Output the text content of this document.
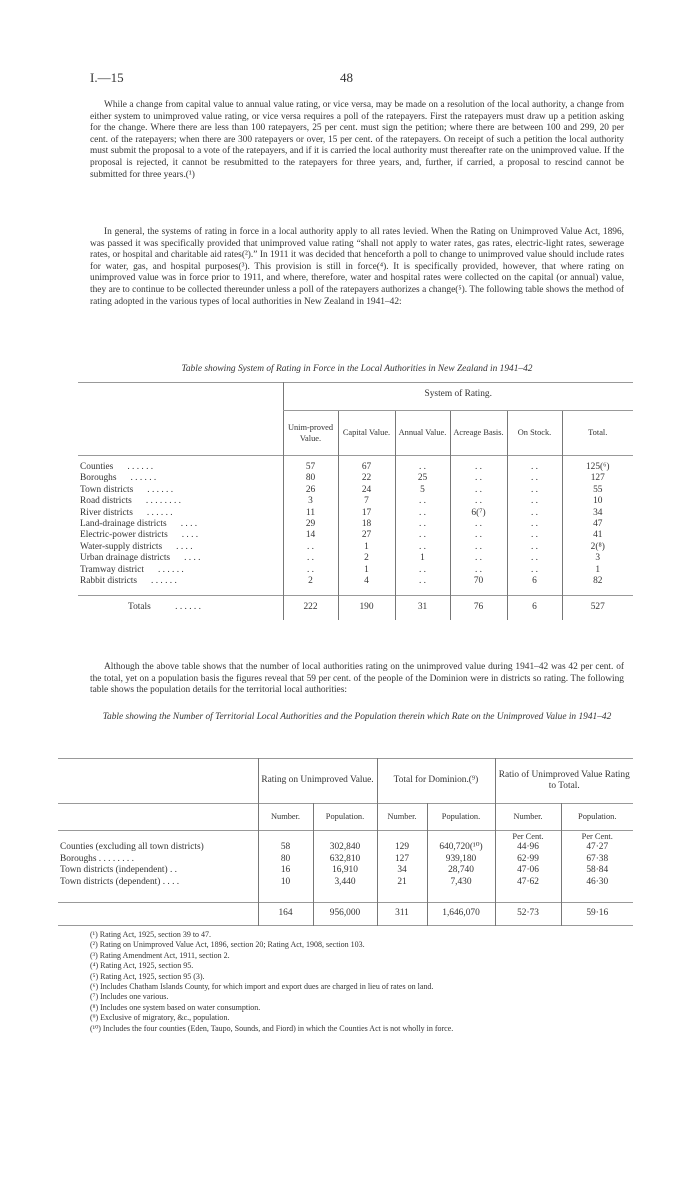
I.—15	48

While a change from capital value to annual value rating, or vice versa, may be made on a resolution of the local authority, a change from either system to unimproved value rating, or vice versa requires a poll of the ratepayers. First the ratepayers must draw up a petition asking for the change. Where there are less than 100 ratepayers, 25 per cent. must sign the petition; where there are between 100 and 299, 20 per cent. of the ratepayers; when there are 300 ratepayers or over, 15 per cent. of the ratepayers. On receipt of such a petition the local authority must submit the proposal to a vote of the ratepayers, and if it is carried the local authority must thereafter rate on the unimproved value. If the proposal is rejected, it cannot be resubmitted to the ratepayers for three years, and, further, if carried, a proposal to rescind cannot be submitted for three years.(¹)

In general, the systems of rating in force in a local authority apply to all rates levied. When the Rating on Unimproved Value Act, 1896, was passed it was specifically provided that unimproved value rating “shall not apply to water rates, gas rates, electric-light rates, sewerage rates, or hospital and charitable aid rates(²).” In 1911 it was decided that henceforth a poll to change to unimproved value should include rates for water, gas, and hospital purposes(³). This provision is still in force(⁴). It is specifically provided, however, that where rating on unimproved value was in force prior to 1911, and where, therefore, water and hospital rates were collected on the capital (or annual) value, they are to continue to be collected thereunder unless a poll of the ratepayers authorizes a change(⁵). The following table shows the method of rating adopted in the various types of local authorities in New Zealand in 1941–42:

Table showing System of Rating in Force in the Local Authorities in New Zealand in 1941–42

	System of Rating.					
	Unim-proved Value.	Capital Value.	Annual Value.	Acreage Basis.	On Stock.	Total.
Counties . . . . . .	57	67	. .	. .	. .	125(⁶)
Boroughs . . . . . .	80	22	25	. .	. .	127
Town districts . . . . . .	26	24	5	. .	. .	55
Road districts . . . . . . . .	3	7	. .	. .	. .	10
River districts . . . . . .	11	17	. .	6(⁷)	. .	34
Land-drainage districts . . . .	29	18	. .	. .	. .	47
Electric-power districts . . . .	14	27	. .	. .	. .	41
Water-supply districts . . . .	. .	1	. .	. .	. .	2(⁸)
Urban drainage districts . . . .	. .	2	1	. .	. .	3
Tramway district . . . . . .	. .	1	. .	. .	. .	1
Rabbit districts . . . . . .	2	4	. .	70	6	82

Totals . . . . . .	222	190	31	76	6	527

Although the above table shows that the number of local authorities rating on the unimproved value during 1941–42 was 42 per cent. of the total, yet on a population basis the figures reveal that 59 per cent. of the people of the Dominion were in districts so rating. The following table shows the population details for the territorial local authorities:

Table showing the Number of Territorial Local Authorities and the Population therein which Rate on the Unimproved Value in 1941–42

	Rating on Unimproved Value.		Total for Dominion.(⁹)		Ratio of Unimproved Value Rating to Total.	
	Number.	Population.	Number.	Population.	Number.	Population.
					Per Cent.	Per Cent.
Counties (excluding all town districts)	58	302,840	129	640,720(¹⁰)	44·96	47·27
Boroughs . . . . . . . .	80	632,810	127	939,180	62·99	67·38
Town districts (independent) . .	16	16,910	34	28,740	47·06	58·84
Town districts (dependent) . . . .	10	3,440	21	7,430	47·62	46·30

	164	956,000	311	1,646,070	52·73	59·16
(¹) Rating Act, 1925, section 39 to 47.
(²) Rating on Unimproved Value Act, 1896, section 20; Rating Act, 1908, section 103.
(³) Rating Amendment Act, 1911, section 2.
(⁴) Rating Act, 1925, section 95.
(⁵) Rating Act, 1925, section 95 (3).
(⁶) Includes Chatham Islands County, for which import and export dues are charged in lieu of rates on land.
(⁷) Includes one various.
(⁸) Includes one system based on water consumption.
(⁹) Exclusive of migratory, &c., population.
(¹⁰) Includes the four counties (Eden, Taupo, Sounds, and Fiord) in which the Counties Act is not wholly in force.
